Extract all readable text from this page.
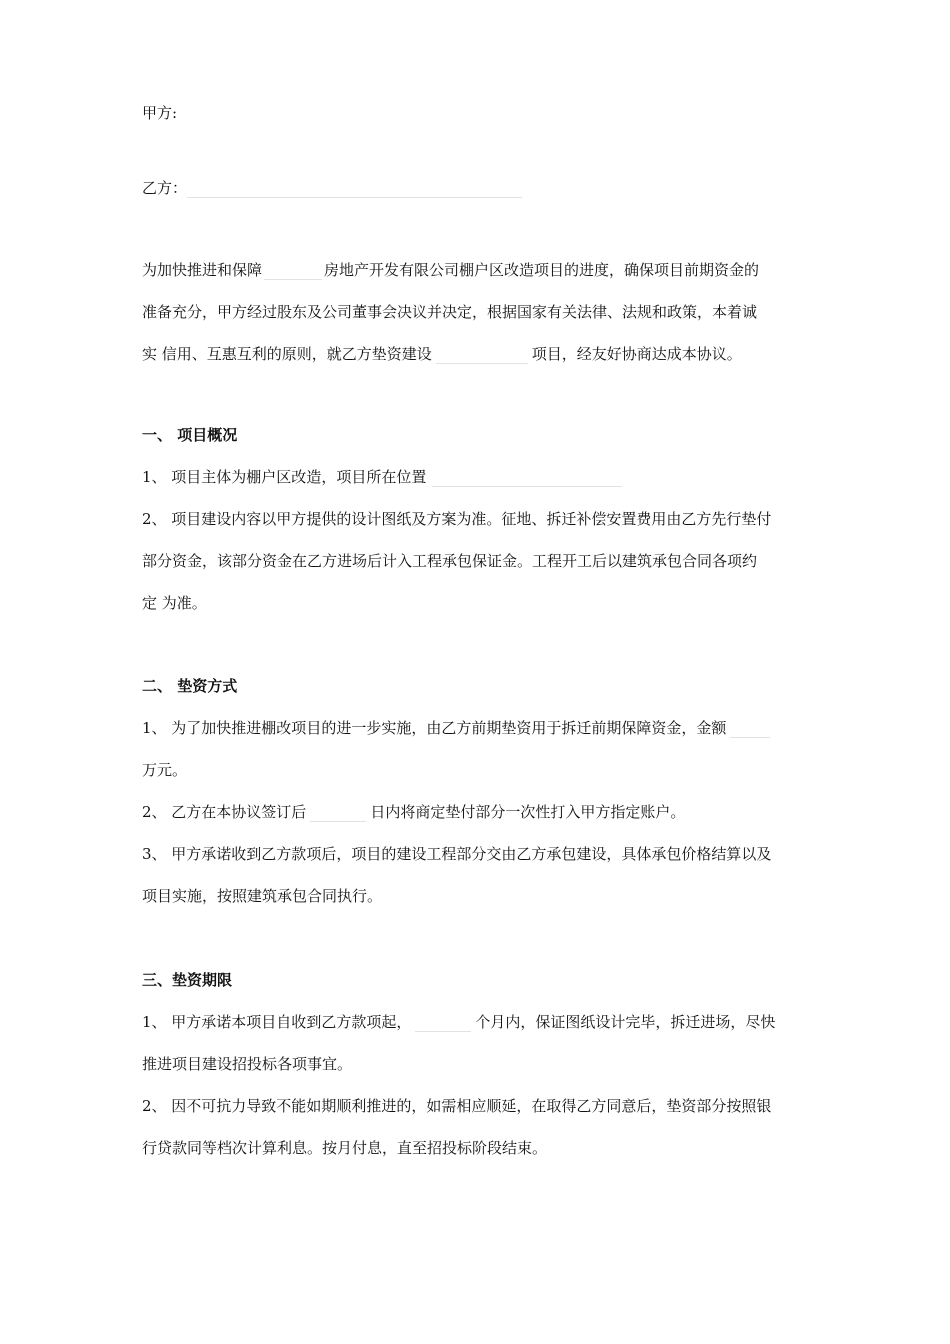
甲方:
乙方：
为加快推进和保障	房地产开发有限公司棚户区改造项目的进度，确保项目前期资金的
准备充分，甲方经过股东及公司董事会决议并决定，根据国家有关法律、法规和政策，本着诚
实 信用、互惠互利的原则，就乙方垫资建设	项目，经友好协商达成本协议。
一、 项目概况
1、 项目主体为棚户区改造，项目所在位置
2、 项目建设内容以甲方提供的设计图纸及方案为准。征地、拆迁补偿安置费用由乙方先行垫付
部分资金，该部分资金在乙方进场后计入工程承包保证金。工程开工后以建筑承包合同各项约
定 为准。
二、 垫资方式
1、 为了加快推进棚改项目的进一步实施，由乙方前期垫资用于拆迁前期保障资金，金额
万元。
2、 乙方在本协议签订后	日内将商定垫付部分一次性打入甲方指定账户。
3、 甲方承诺收到乙方款项后，项目的建设工程部分交由乙方承包建设，具体承包价格结算以及
项目实施，按照建筑承包合同执行。
三、垫资期限
1、 甲方承诺本项目自收到乙方款项起，	个月内，保证图纸设计完毕，拆迁进场，尽快
推进项目建设招投标各项事宜。
2、 因不可抗力导致不能如期顺利推进的，如需相应顺延，在取得乙方同意后，垫资部分按照银
行贷款同等档次计算利息。按月付息，直至招投标阶段结束。
